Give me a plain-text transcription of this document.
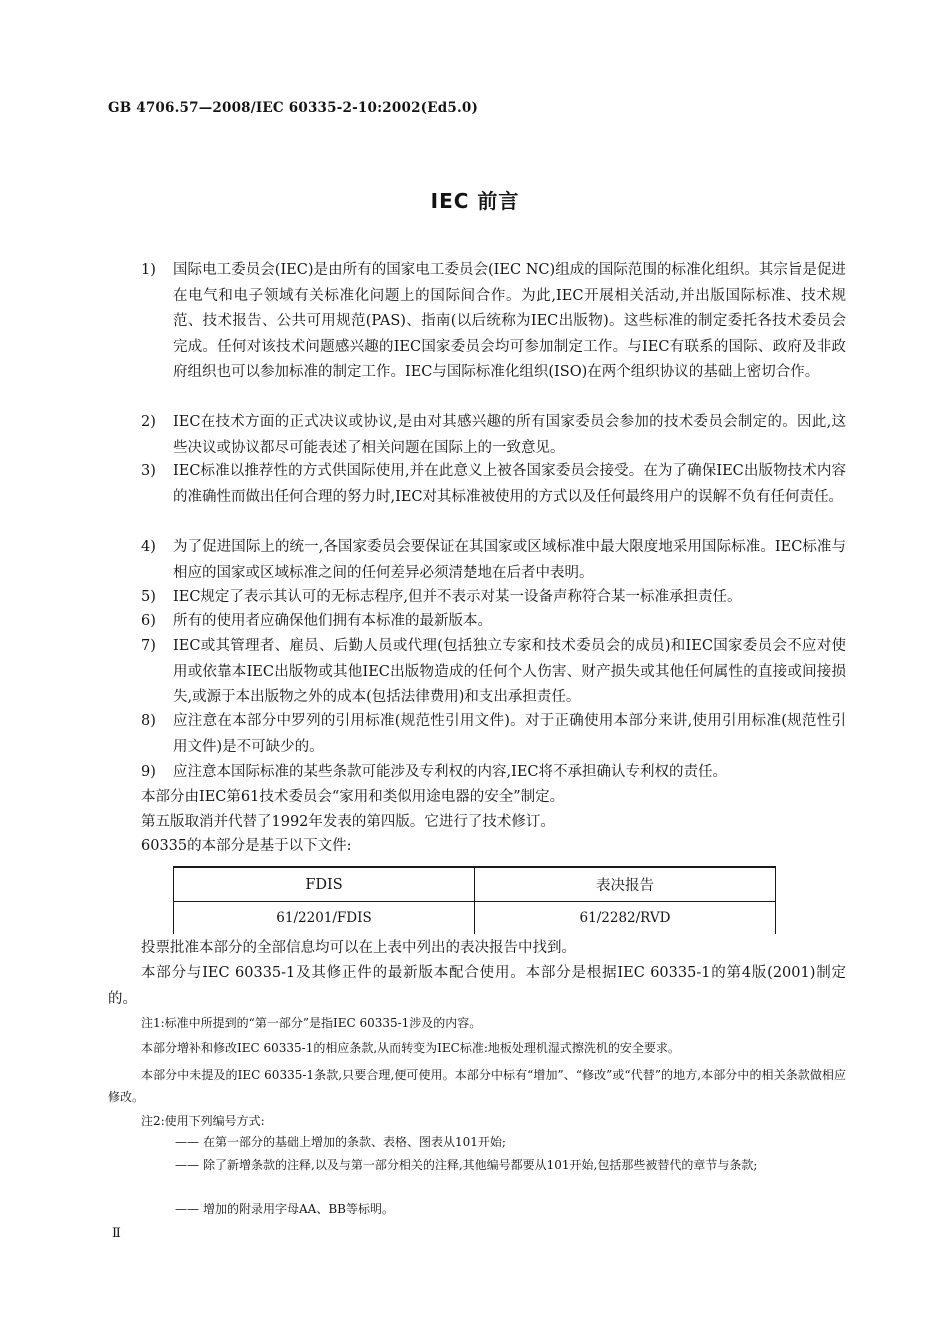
GB 4706.57—2008/IEC 60335-2-10:2002(Ed5.0)
IEC 前言
1)	国际电工委员会(IEC)是由所有的国家电工委员会(IEC NC)组成的国际范围的标准化组织。其宗旨是促进在电气和电子领域有关标准化问题上的国际间合作。为此,IEC开展相关活动,并出版国际标准、技术规范、技术报告、公共可用规范(PAS)、指南(以后统称为IEC出版物)。这些标准的制定委托各技术委员会完成。任何对该技术问题感兴趣的IEC国家委员会均可参加制定工作。与IEC有联系的国际、政府及非政府组织也可以参加标准的制定工作。IEC与国际标准化组织(ISO)在两个组织协议的基础上密切合作。
2)	IEC在技术方面的正式决议或协议,是由对其感兴趣的所有国家委员会参加的技术委员会制定的。因此,这些决议或协议都尽可能表述了相关问题在国际上的一致意见。
3)	IEC标准以推荐性的方式供国际使用,并在此意义上被各国家委员会接受。在为了确保IEC出版物技术内容的准确性而做出任何合理的努力时,IEC对其标准被使用的方式以及任何最终用户的误解不负有任何责任。
4)	为了促进国际上的统一,各国家委员会要保证在其国家或区域标准中最大限度地采用国际标准。IEC标准与相应的国家或区域标准之间的任何差异必须清楚地在后者中表明。
5)	IEC规定了表示其认可的无标志程序,但并不表示对某一设备声称符合某一标准承担责任。
6)	所有的使用者应确保他们拥有本标准的最新版本。
7)	IEC或其管理者、雇员、后勤人员或代理(包括独立专家和技术委员会的成员)和IEC国家委员会不应对使用或依靠本IEC出版物或其他IEC出版物造成的任何个人伤害、财产损失或其他任何属性的直接或间接损失,或源于本出版物之外的成本(包括法律费用)和支出承担责任。
8)	应注意在本部分中罗列的引用标准(规范性引用文件)。对于正确使用本部分来讲,使用引用标准(规范性引用文件)是不可缺少的。
9)	应注意本国际标准的某些条款可能涉及专利权的内容,IEC将不承担确认专利权的责任。
本部分由IEC第61技术委员会“家用和类似用途电器的安全”制定。
第五版取消并代替了1992年发表的第四版。它进行了技术修订。
60335的本部分是基于以下文件:
FDIS	表决报告
61/2201/FDIS	61/2282/RVD
投票批准本部分的全部信息均可以在上表中列出的表决报告中找到。
本部分与IEC 60335-1及其修正件的最新版本配合使用。本部分是根据IEC 60335-1的第4版(2001)制定的。
注1:标准中所提到的“第一部分”是指IEC 60335-1涉及的内容。
本部分增补和修改IEC 60335-1的相应条款,从而转变为IEC标准:地板处理机湿式擦洗机的安全要求。
本部分中未提及的IEC 60335-1条款,只要合理,便可使用。本部分中标有“增加”、“修改”或“代替”的地方,本部分中的相关条款做相应修改。
注2:使用下列编号方式:
—— 在第一部分的基础上增加的条款、表格、图表从101开始;
—— 除了新增条款的注释,以及与第一部分相关的注释,其他编号都要从101开始,包括那些被替代的章节与条款;
—— 增加的附录用字母AA、BB等标明。
Ⅱ
